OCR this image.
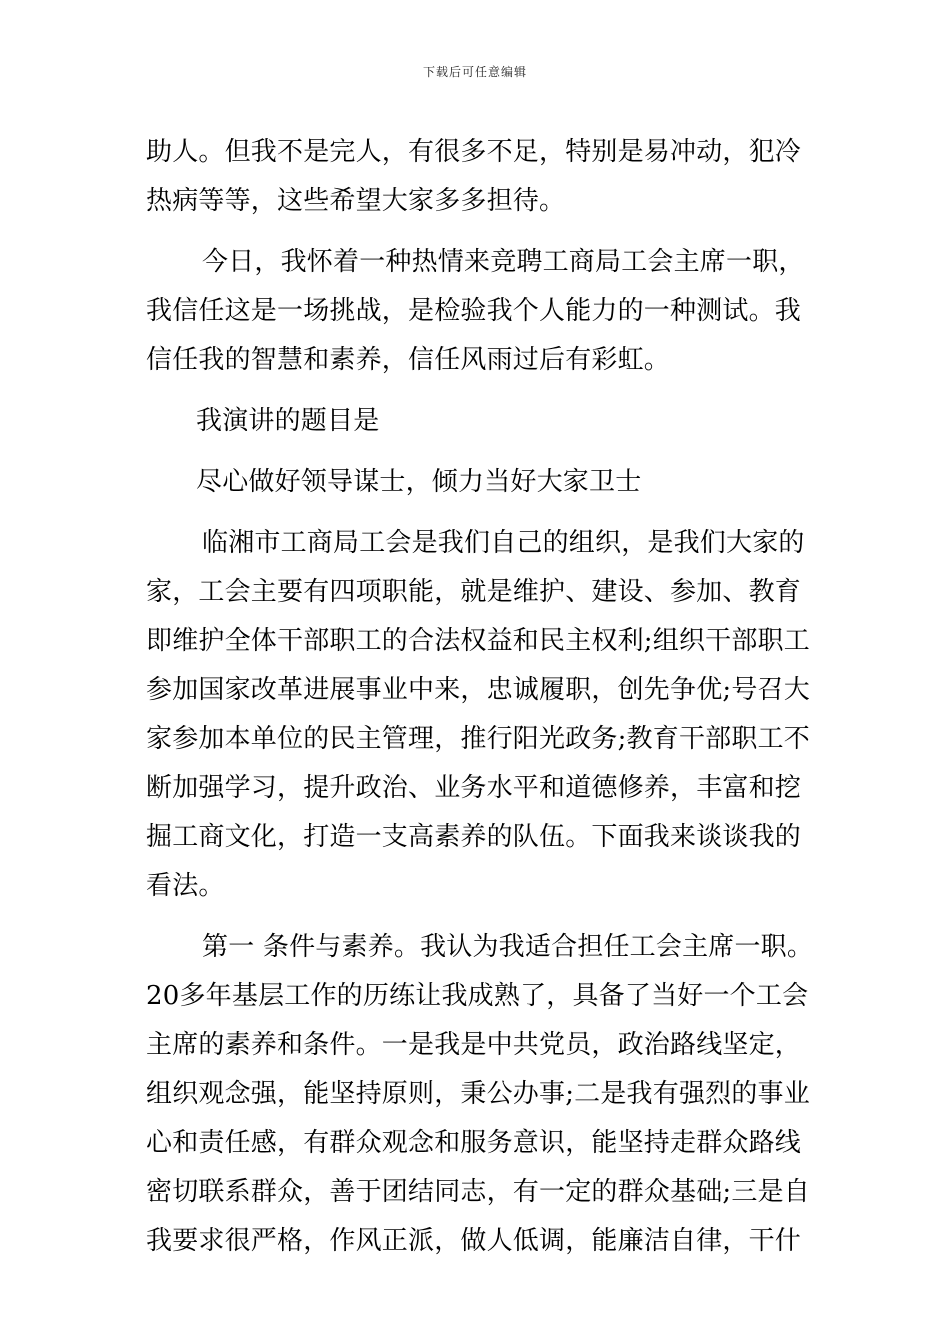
下载后可任意编辑
助人。但我不是完人，有很多不足，特别是易冲动，犯冷
热病等等，这些希望大家多多担待。
今日，我怀着一种热情来竞聘工商局工会主席一职，
我信任这是一场挑战，是检验我个人能力的一种测试。我
信任我的智慧和素养，信任风雨过后有彩虹。
我演讲的题目是
尽心做好领导谋士，倾力当好大家卫士
临湘市工商局工会是我们自己的组织，是我们大家的
家，工会主要有四项职能，就是维护、建设、参加、教育
即维护全体干部职工的合法权益和民主权利;组织干部职工
参加国家改革进展事业中来，忠诚履职，创先争优;号召大
家参加本单位的民主管理，推行阳光政务;教育干部职工不
断加强学习，提升政治、业务水平和道德修养，丰富和挖
掘工商文化，打造一支高素养的队伍。下面我来谈谈我的
看法。
第一 条件与素养。我认为我适合担任工会主席一职。
20多年基层工作的历练让我成熟了，具备了当好一个工会
主席的素养和条件。一是我是中共党员，政治路线坚定，
组织观念强，能坚持原则，秉公办事;二是我有强烈的事业
心和责任感，有群众观念和服务意识，能坚持走群众路线
密切联系群众，善于团结同志，有一定的群众基础;三是自
我要求很严格，作风正派，做人低调，能廉洁自律，干什
